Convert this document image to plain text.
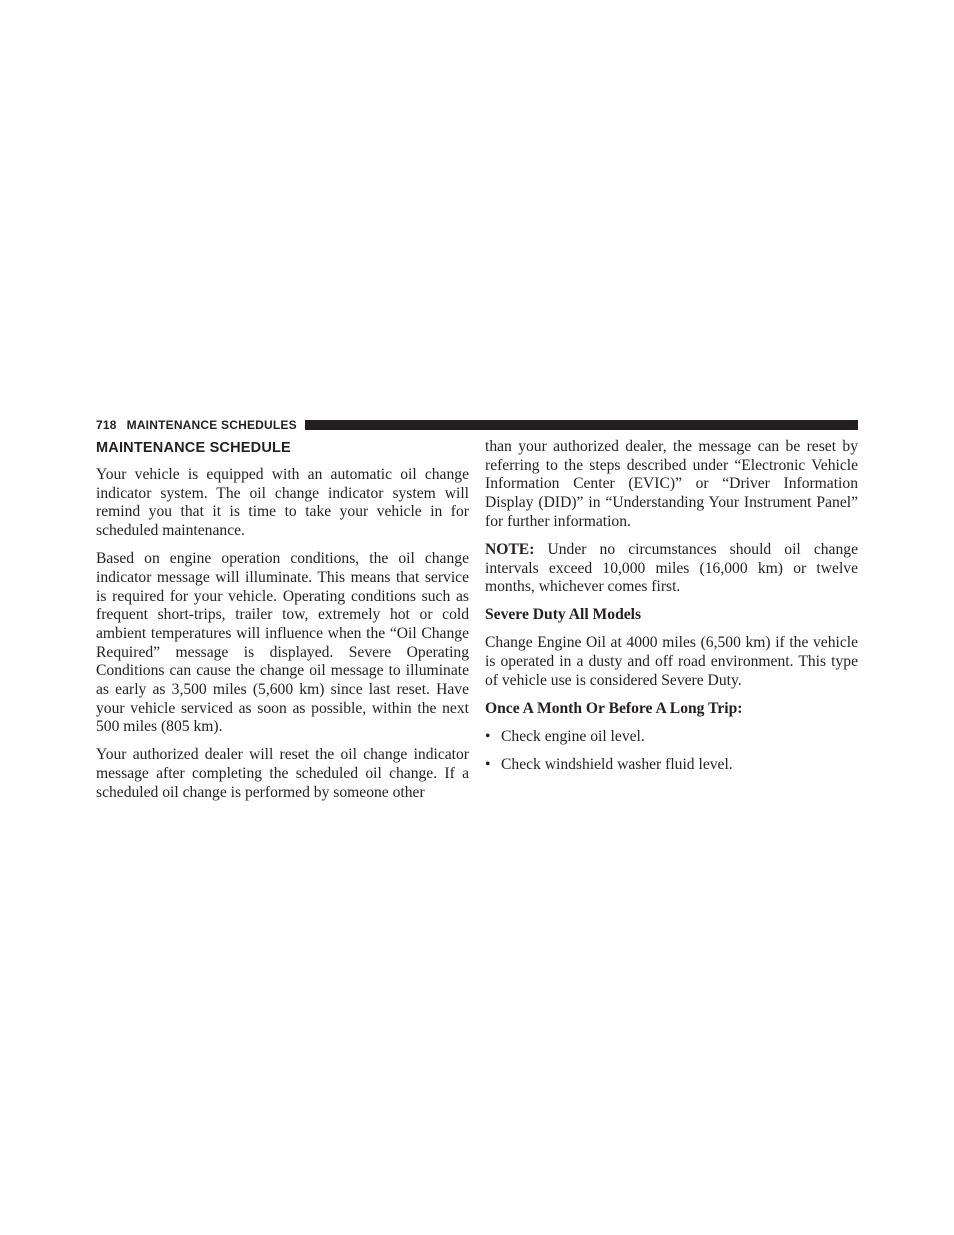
718 MAINTENANCE SCHEDULES
MAINTENANCE SCHEDULE

Your vehicle is equipped with an automatic oil change indicator system. The oil change indicator system will remind you that it is time to take your vehicle in for scheduled maintenance.

Based on engine operation conditions, the oil change indicator message will illuminate. This means that service is required for your vehicle. Operating conditions such as frequent short-trips, trailer tow, extremely hot or cold ambient temperatures will influence when the “Oil Change Required” message is displayed. Severe Operating Conditions can cause the change oil message to illuminate as early as 3,500 miles (5,600 km) since last reset. Have your vehicle serviced as soon as possible, within the next 500 miles (805 km).

Your authorized dealer will reset the oil change indicator message after completing the scheduled oil change. If a scheduled oil change is performed by someone other

than your authorized dealer, the message can be reset by referring to the steps described under “Electronic Vehicle Information Center (EVIC)” or “Driver Information Display (DID)” in “Understanding Your Instrument Panel” for further information.

NOTE: Under no circumstances should oil change intervals exceed 10,000 miles (16,000 km) or twelve months, whichever comes first.

Severe Duty All Models

Change Engine Oil at 4000 miles (6,500 km) if the vehicle is operated in a dusty and off road environment. This type of vehicle use is considered Severe Duty.

Once A Month Or Before A Long Trip:
• Check engine oil level.
• Check windshield washer fluid level.
